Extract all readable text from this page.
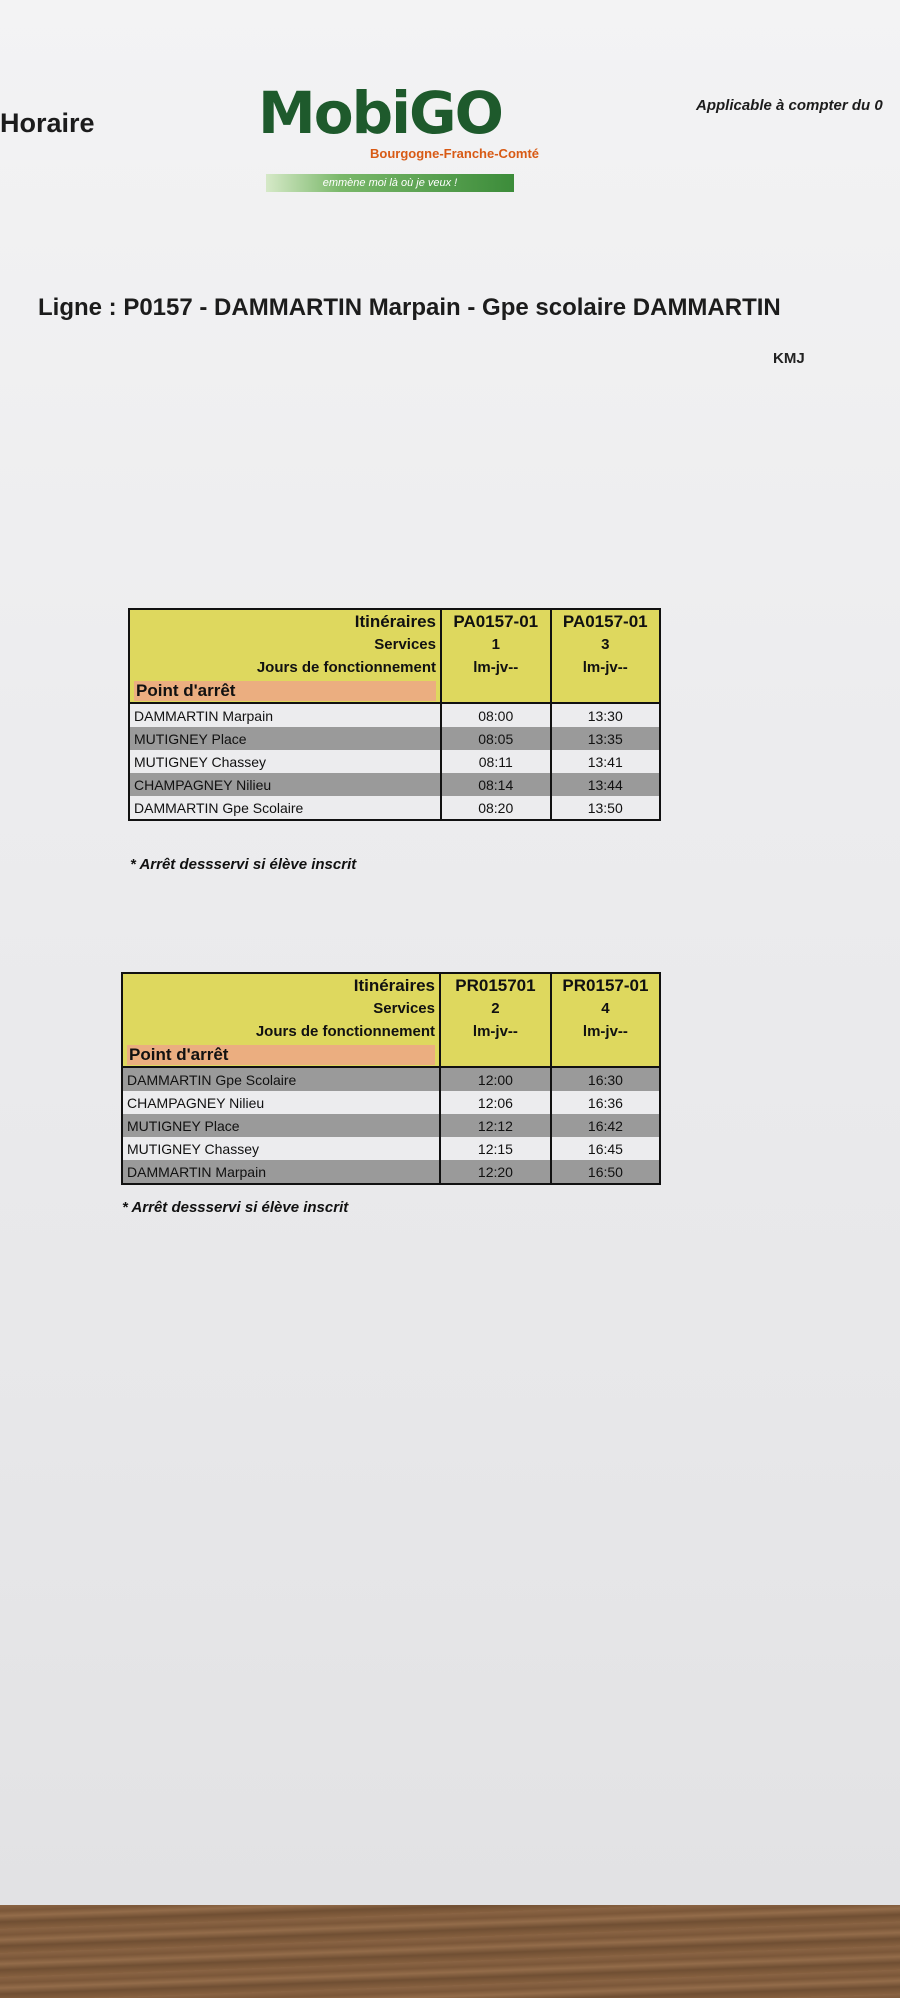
Horaire	MobiGO
Bourgogne-Franche-Comté
emmène moi là où je veux !
Applicable à compter du 0
Ligne : P0157 - DAMMARTIN Marpain - Gpe scolaire DAMMARTIN
KMJ
Itinéraires	PA0157-01	PA0157-01
Services	1	3
Jours de fonctionnement	lm-jv--	lm-jv--
Point d'arrêt		
DAMMARTIN Marpain	08:00	13:30
MUTIGNEY Place	08:05	13:35
MUTIGNEY Chassey	08:11	13:41
CHAMPAGNEY Nilieu	08:14	13:44
DAMMARTIN Gpe Scolaire	08:20	13:50
* Arrêt dessservi si élève inscrit
Itinéraires	PR015701	PR0157-01
Services	2	4
Jours de fonctionnement	lm-jv--	lm-jv--
Point d'arrêt		
DAMMARTIN Gpe Scolaire	12:00	16:30
CHAMPAGNEY Nilieu	12:06	16:36
MUTIGNEY Place	12:12	16:42
MUTIGNEY Chassey	12:15	16:45
DAMMARTIN Marpain	12:20	16:50
* Arrêt dessservi si élève inscrit
